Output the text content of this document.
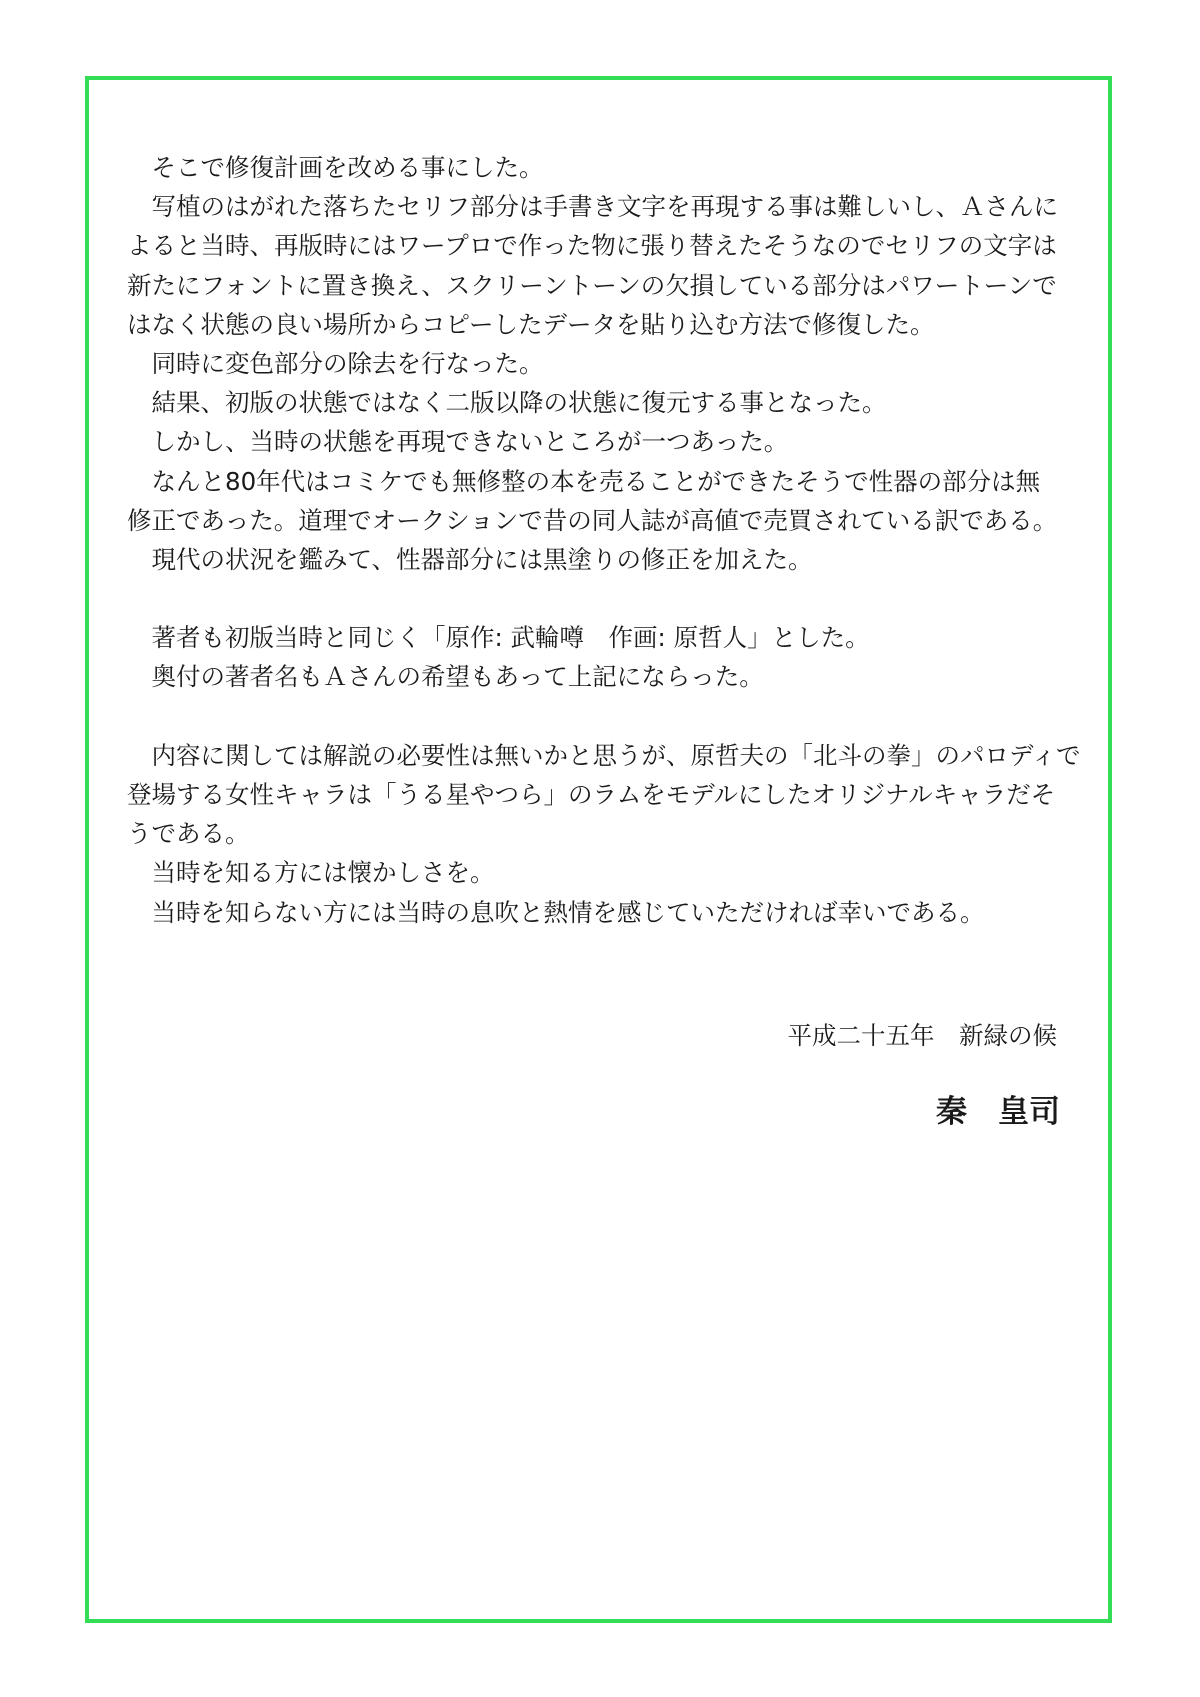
　そこで修復計画を改める事にした。
　写植のはがれた落ちたセリフ部分は手書き文字を再現する事は難しいし、Ａさんに
よると当時、再版時にはワープロで作った物に張り替えたそうなのでセリフの文字は
新たにフォントに置き換え、スクリーントーンの欠損している部分はパワートーンで
はなく状態の良い場所からコピーしたデータを貼り込む方法で修復した。
　同時に変色部分の除去を行なった。
　結果、初版の状態ではなく二版以降の状態に復元する事となった。
　しかし、当時の状態を再現できないところが一つあった。
　なんと80年代はコミケでも無修整の本を売ることができたそうで性器の部分は無
修正であった。道理でオークションで昔の同人誌が高値で売買されている訳である。
　現代の状況を鑑みて、性器部分には黒塗りの修正を加えた。
　著者も初版当時と同じく「原作: 武輪噂　作画: 原哲人」とした。
　奥付の著者名もＡさんの希望もあって上記にならった。
　内容に関しては解説の必要性は無いかと思うが、原哲夫の「北斗の拳」のパロディで
登場する女性キャラは「うる星やつら」のラムをモデルにしたオリジナルキャラだそ
うである。
　当時を知る方には懐かしさを。
　当時を知らない方には当時の息吹と熱情を感じていただければ幸いである。
平成二十五年　新緑の候
秦　皇司
